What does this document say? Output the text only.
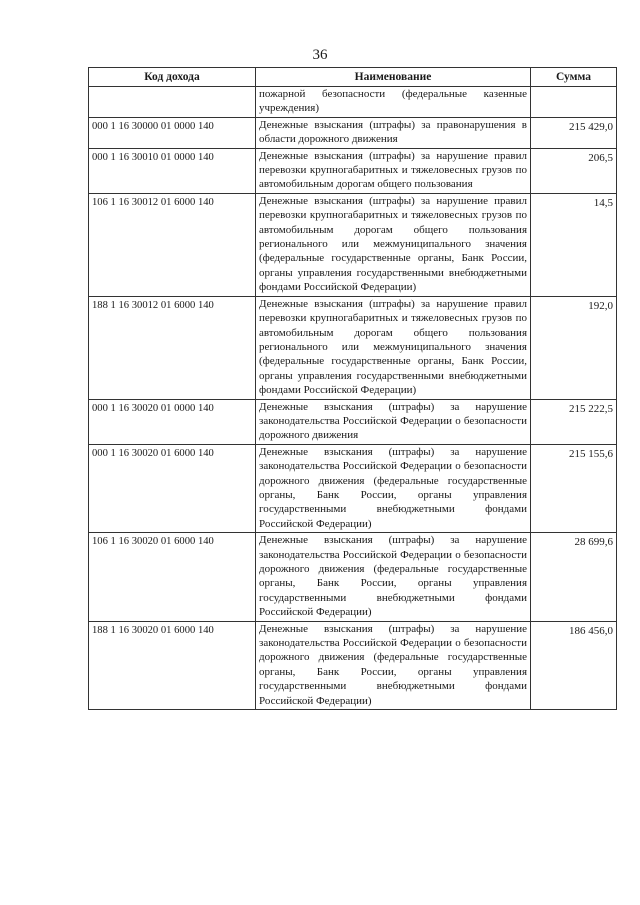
36
Код дохода	Наименование	Сумма
	пожарной безопасности (федеральные казенные учреждения)	
000 1 16 30000 01 0000 140	Денежные взыскания (штрафы) за правонарушения в области дорожного движения	215 429,0
000 1 16 30010 01 0000 140	Денежные взыскания (штрафы) за нарушение правил перевозки крупногабаритных и тяжеловесных грузов по автомобильным дорогам общего пользования	206,5
106 1 16 30012 01 6000 140	Денежные взыскания (штрафы) за нарушение правил перевозки крупногабаритных и тяжеловесных грузов по автомобильным дорогам общего пользования регионального или межмуниципального значения (федеральные государственные органы, Банк России, органы управления государственными внебюджетными фондами Российской Федерации)	14,5
188 1 16 30012 01 6000 140	Денежные взыскания (штрафы) за нарушение правил перевозки крупногабаритных и тяжеловесных грузов по автомобильным дорогам общего пользования регионального или межмуниципального значения (федеральные государственные органы, Банк России, органы управления государственными внебюджетными фондами Российской Федерации)	192,0
000 1 16 30020 01 0000 140	Денежные взыскания (штрафы) за нарушение законодательства Российской Федерации о безопасности дорожного движения	215 222,5
000 1 16 30020 01 6000 140	Денежные взыскания (штрафы) за нарушение законодательства Российской Федерации о безопасности дорожного движения (федеральные государственные органы, Банк России, органы управления государственными внебюджетными фондами Российской Федерации)	215 155,6
106 1 16 30020 01 6000 140	Денежные взыскания (штрафы) за нарушение законодательства Российской Федерации о безопасности дорожного движения (федеральные государственные органы, Банк России, органы управления государственными внебюджетными фондами Российской Федерации)	28 699,6
188 1 16 30020 01 6000 140	Денежные взыскания (штрафы) за нарушение законодательства Российской Федерации о безопасности дорожного движения (федеральные государственные органы, Банк России, органы управления государственными внебюджетными фондами Российской Федерации)	186 456,0
